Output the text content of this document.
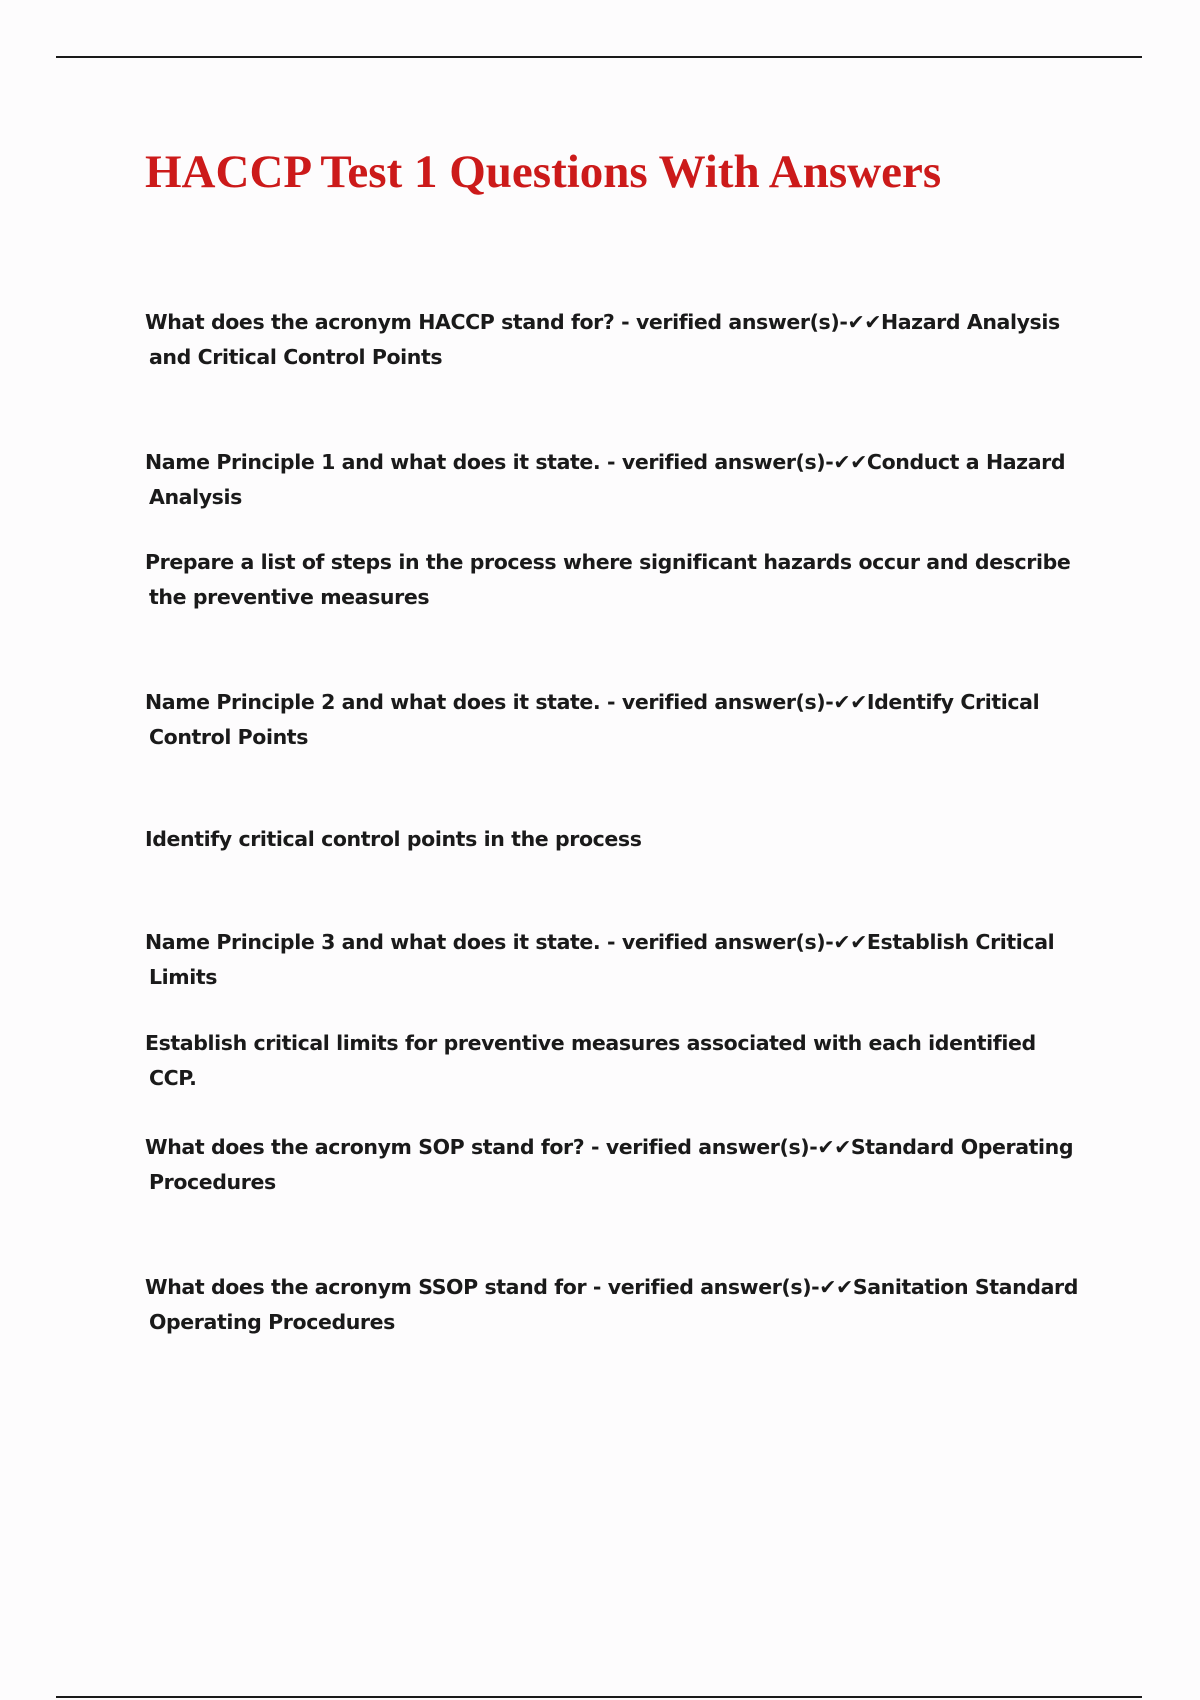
HACCP Test 1 Questions With Answers

What does the acronym HACCP stand for? - verified answer(s)-✔✔Hazard Analysis and Critical Control Points

Name Principle 1 and what does it state. - verified answer(s)-✔✔Conduct a Hazard Analysis

Prepare a list of steps in the process where significant hazards occur and describe the preventive measures

Name Principle 2 and what does it state. - verified answer(s)-✔✔Identify Critical Control Points

Identify critical control points in the process

Name Principle 3 and what does it state. - verified answer(s)-✔✔Establish Critical Limits

Establish critical limits for preventive measures associated with each identified CCP.

What does the acronym SOP stand for? - verified answer(s)-✔✔Standard Operating Procedures

What does the acronym SSOP stand for - verified answer(s)-✔✔Sanitation Standard Operating Procedures
